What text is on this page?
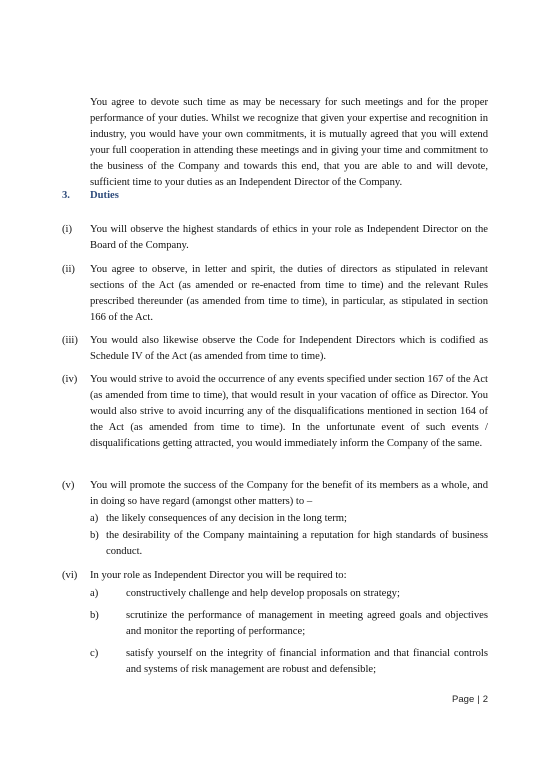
You agree to devote such time as may be necessary for such meetings and for the proper performance of your duties. Whilst we recognize that given your expertise and recognition in industry, you would have your own commitments, it is mutually agreed that you will extend your full cooperation in attending these meetings and in giving your time and commitment to the business of the Company and towards this end, that you are able to and will devote, sufficient time to your duties as an Independent Director of the Company.
3. Duties
(i) You will observe the highest standards of ethics in your role as Independent Director on the Board of the Company.
(ii) You agree to observe, in letter and spirit, the duties of directors as stipulated in relevant sections of the Act (as amended or re-enacted from time to time) and the relevant Rules prescribed thereunder (as amended from time to time), in particular, as stipulated in section 166 of the Act.
(iii) You would also likewise observe the Code for Independent Directors which is codified as Schedule IV of the Act (as amended from time to time).
(iv) You would strive to avoid the occurrence of any events specified under section 167 of the Act (as amended from time to time), that would result in your vacation of office as Director. You would also strive to avoid incurring any of the disqualifications mentioned in section 164 of the Act (as amended from time to time). In the unfortunate event of such events / disqualifications getting attracted, you would immediately inform the Company of the same.
(v) You will promote the success of the Company for the benefit of its members as a whole, and in doing so have regard (amongst other matters) to –
a) the likely consequences of any decision in the long term;
b) the desirability of the Company maintaining a reputation for high standards of business conduct.
(vi) In your role as Independent Director you will be required to:
a)	constructively challenge and help develop proposals on strategy;
b)	scrutinize the performance of management in meeting agreed goals and objectives and monitor the reporting of performance;
c)	satisfy yourself on the integrity of financial information and that financial controls and systems of risk management are robust and defensible;
Page | 2
